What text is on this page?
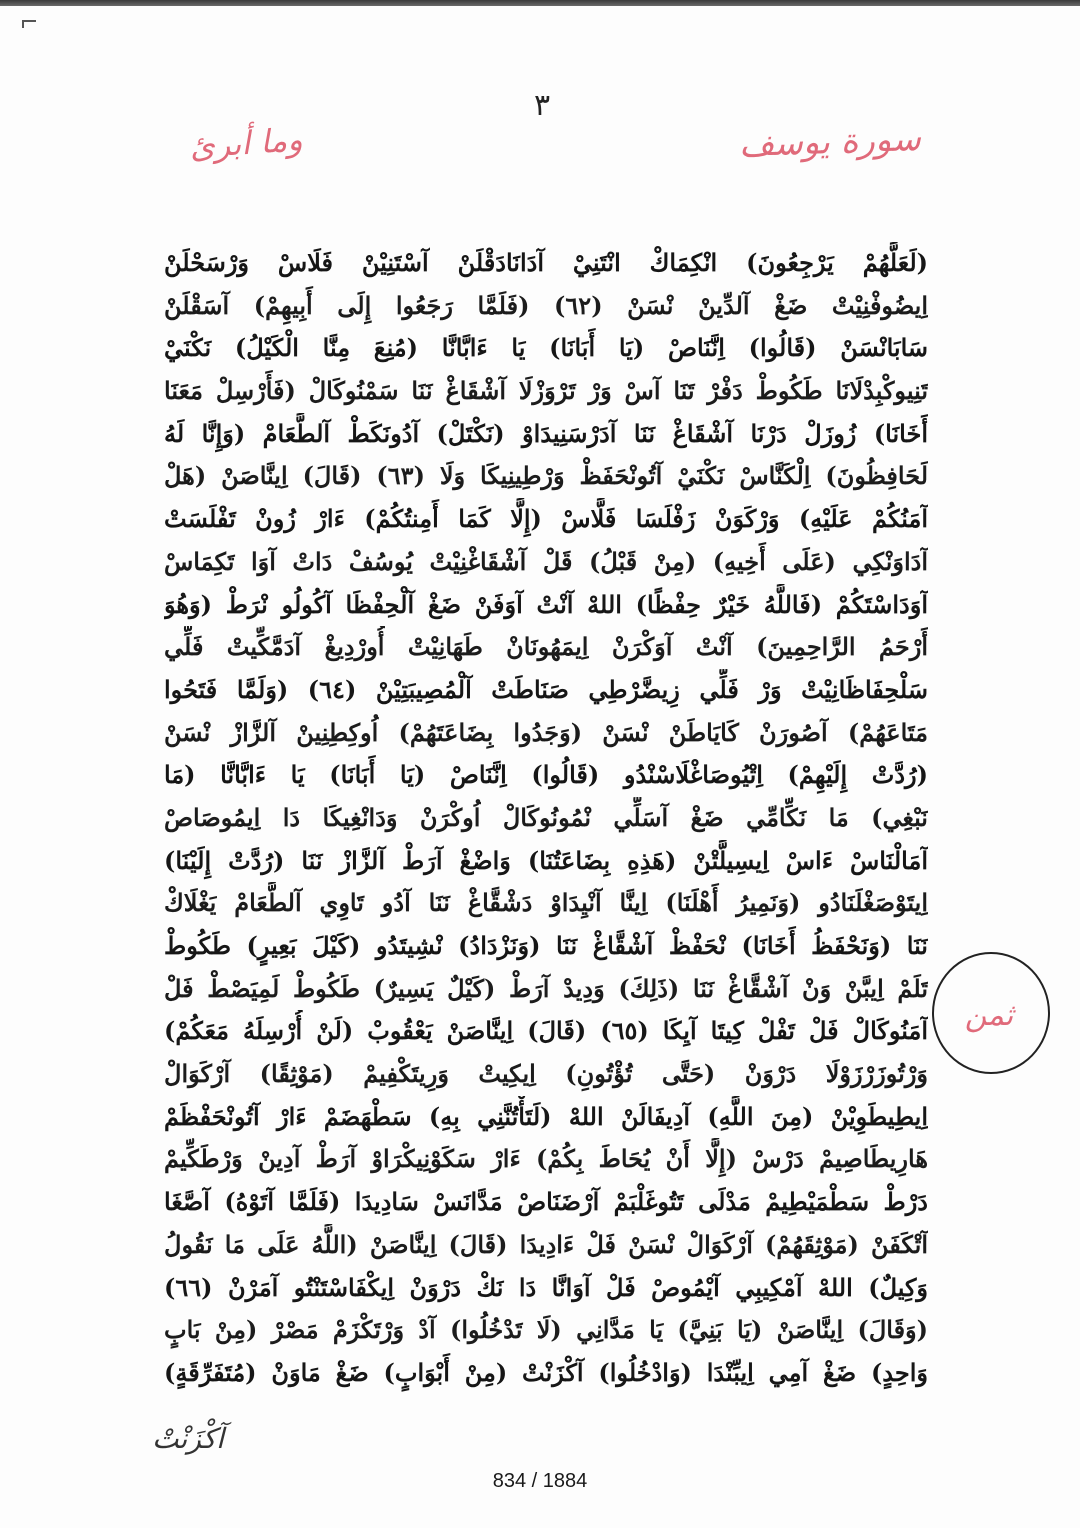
٣
سورة يوسف
وما أبرئ
(لَعَلَّهُمْ يَرْجِعُونَ) انْكِمَاكْ انْتَنِيْ آدَانَادَقْلَنْ آسْتَنِيْنْ فَلَاسْ وَرْسَحْلَنْ
اِيضُوفْنِيْتْ ضَغْ آلدِّينْ نْسَنْ (٦٢) (فَلَمَّا رَجَعُوا إِلَى أَبِيهِمْ) آسَقْلَنْ
سَابَانْسَنْ (قَالُوا) اِنَّنَاصْ (يَا أَبَانَا) يَا ءَابَّانَّا (مُنِعَ مِنَّا الْكَيْلُ) نَكْنَيْ
تَنِيوكْبِدْلَانَا طَكُوطْ دَفْرْ تَنَا آسْ وَرْ تَرْوَزْلَا آشْقَاغْ نَنَا سَمْنُوكَالْ (فَأَرْسِلْ مَعَنَا
أَخَانَا) زُوزَلْ دَرْنَا آشْقَاغْ نَنَا آدَرْسَنِيدَاوْ (نَكْتَلْ) آدُونَكَطْ آلطَّعَامْ (وَإِنَّا لَهُ
لَحَافِظُونَ) اِلْكَنَّاسْ نَكْنَيْ آتُونْحَفَظْ وَرْطِينِيكَا وَلَا (٦٣) (قَالَ) اِينَّاصَنْ (هَلْ
آمَنُكُمْ عَلَيْهِ) وَرْكَوَنْ زَفْلَسَا فَلَّاسْ (إِلَّا كَمَا أَمِنتُكُمْ) ءَارْ زُونْ تَفْلَسَتْ
آدَاوَنْكِي (عَلَى أَخِيهِ) (مِنْ قَبْلُ) قَلْ آشْقَاغْنِيْتْ يُوسُفْ دَاتْ آوَا تَكِمَاسْ
آوَدَاسْتَكُمْ (فَاللَّهُ خَيْرٌ حِفْظًا) اللهْ آنْتْ آوَفَنْ ضَغْ آلْحِفْظَا آكُولُو نْرَطْ (وَهُوَ
أَرْحَمُ الرَّاحِمِينَ) آنْتْ آوَكْرَنْ اِيمَهُونَانْ طَهَانِيْتْ أُورْدِيغْ آدَمَّكِّيتْ فَلِّي
سَلْحِفَاظَانِيْتْ وَرْ فَلِّي زِيضَّرْطِي صَنَاطَتْ آلْمُصِيبَتِيْنْ (٦٤) (وَلَمَّا فَتَحُوا
مَتَاعَهُمْ) آصُورَنْ كَايَاطَنْ نْسَنْ (وَجَدُوا بِضَاعَتَهُمْ) اُوكِطِنِينْ آلزَّازْ نْسَنْ
(رُدَّتْ إِلَيْهِمْ) اِتْيُوصَاغْلَاسْنْدُو (قَالُوا) اِنَّنَاصْ (يَا أَبَانَا) يَا ءَابَّانَّا (مَا
نَبْغِي) مَا نَكِّامِّي ضَغْ آسَلِّي نْمُونُوكَالْ اُوكْرَنْ وَدَانْغِيكَا دَا اِيمُوصَاصْ
آمَالْنَاسْ ءَاسْ اِيسِيلَّتْنْ (هَذِهِ بِضَاعَتُنَا) وَاضْغْ آرَطْ آلزَّازْ نَنَا (رُدَّتْ إِلَيْنَا)
اِيتَوْصَغْلَنَادُو (وَنَمِيرُ أَهْلَنَا) اِينَّا آنْيِدَاوْ دَشْقَّاغْ نَنَا آدُو تَاوِي آلطَّعَامْ يَغْلَاكْ
نَنَا (وَنَحْفَظُ أَخَانَا) نْحَفْظْ آشْقَّاغْ نَنَا (وَنَزْدَادُ) نْشِيتَدُو (كَيْلَ بَعِيرٍ) طَكُوطْ
تَلَمْ اِيبَّنْ وَنْ آشْقَّاغْ نَنَا (ذَلِكَ) وَدِيدْ آرَطْ (كَيْلٌ يَسِيرٌ) طَكُوطْ لَمِيَصْطْ فَلْ
آمَنُوكَالْ فَلْ تَفْلْ كِيتَا آيِكَا (٦٥) (قَالَ) اِينَّاصَنْ يَعْقُوبْ (لَنْ أُرْسِلَهُ مَعَكُمْ)
وَرْتُوزَرْزَوْلَا دَرْوَنْ (حَتَّى تُؤْتُونِ) اِيكِيتْ وَرِيتَكْفِيمْ (مَوْثِقًا) آرْكَوَالْ
اِيطِيطَوِيْنْ (مِنَ اللَّهِ) آدِيفَالَنْ اللهْ (لَتَأْتُنَّنِي بِهِ) سَطْهَضَمْ ءَارْ آتُونْحَفْظَمْ
هَارِيطَاصِيمْ دَرْسْ (إِلَّا أَنْ يُحَاطَ بِكُمْ) ءَارْ سَكَوْنِيكْرَاوْ آرَطْ آدِينْ وَرْطَكِّيمْ
دَرْطْ سَطْمَيْطِيمْ مَدْلَى تَتُوغَلْبَمْ آرْضَنَاصْ مَدَّانَسْ سَادِيدَا (فَلَمَّا آتَوْهُ) آصَّغَا
آتْكَفَنْ (مَوْثِقَهُمْ) آرْكَوَالْ نْسَنْ فَلْ ءَادِيدَا (قَالَ) اِينَّاصَنْ (اللَّهُ عَلَى مَا نَقُولُ
وَكِيلٌ) اللهْ آمْكِيبِي آيْمُوصْ فَلْ آوَانَّا دَا نَكْ دَرْوَنْ اِيكْفَاسْتَنْتُو آمَرْنْ (٦٦)
(وَقَالَ) اِينَّاصَنْ (يَا بَنِيَّ) يَا مَدَّانِي (لَا تَدْخُلُوا) آدْ وَرْتَكْزَمْ مَصْرْ (مِنْ بَابٍ
وَاحِدٍ) ضَغْ آمِي اِيبِّنْدَا (وَادْخُلُوا) آكْزَنْتْ (مِنْ أَبْوَابٍ) ضَغْ مَاوَنْ (مُتَفَرِّقَةٍ)
ثمن
آكْزَنْتْ
834 / 1884
